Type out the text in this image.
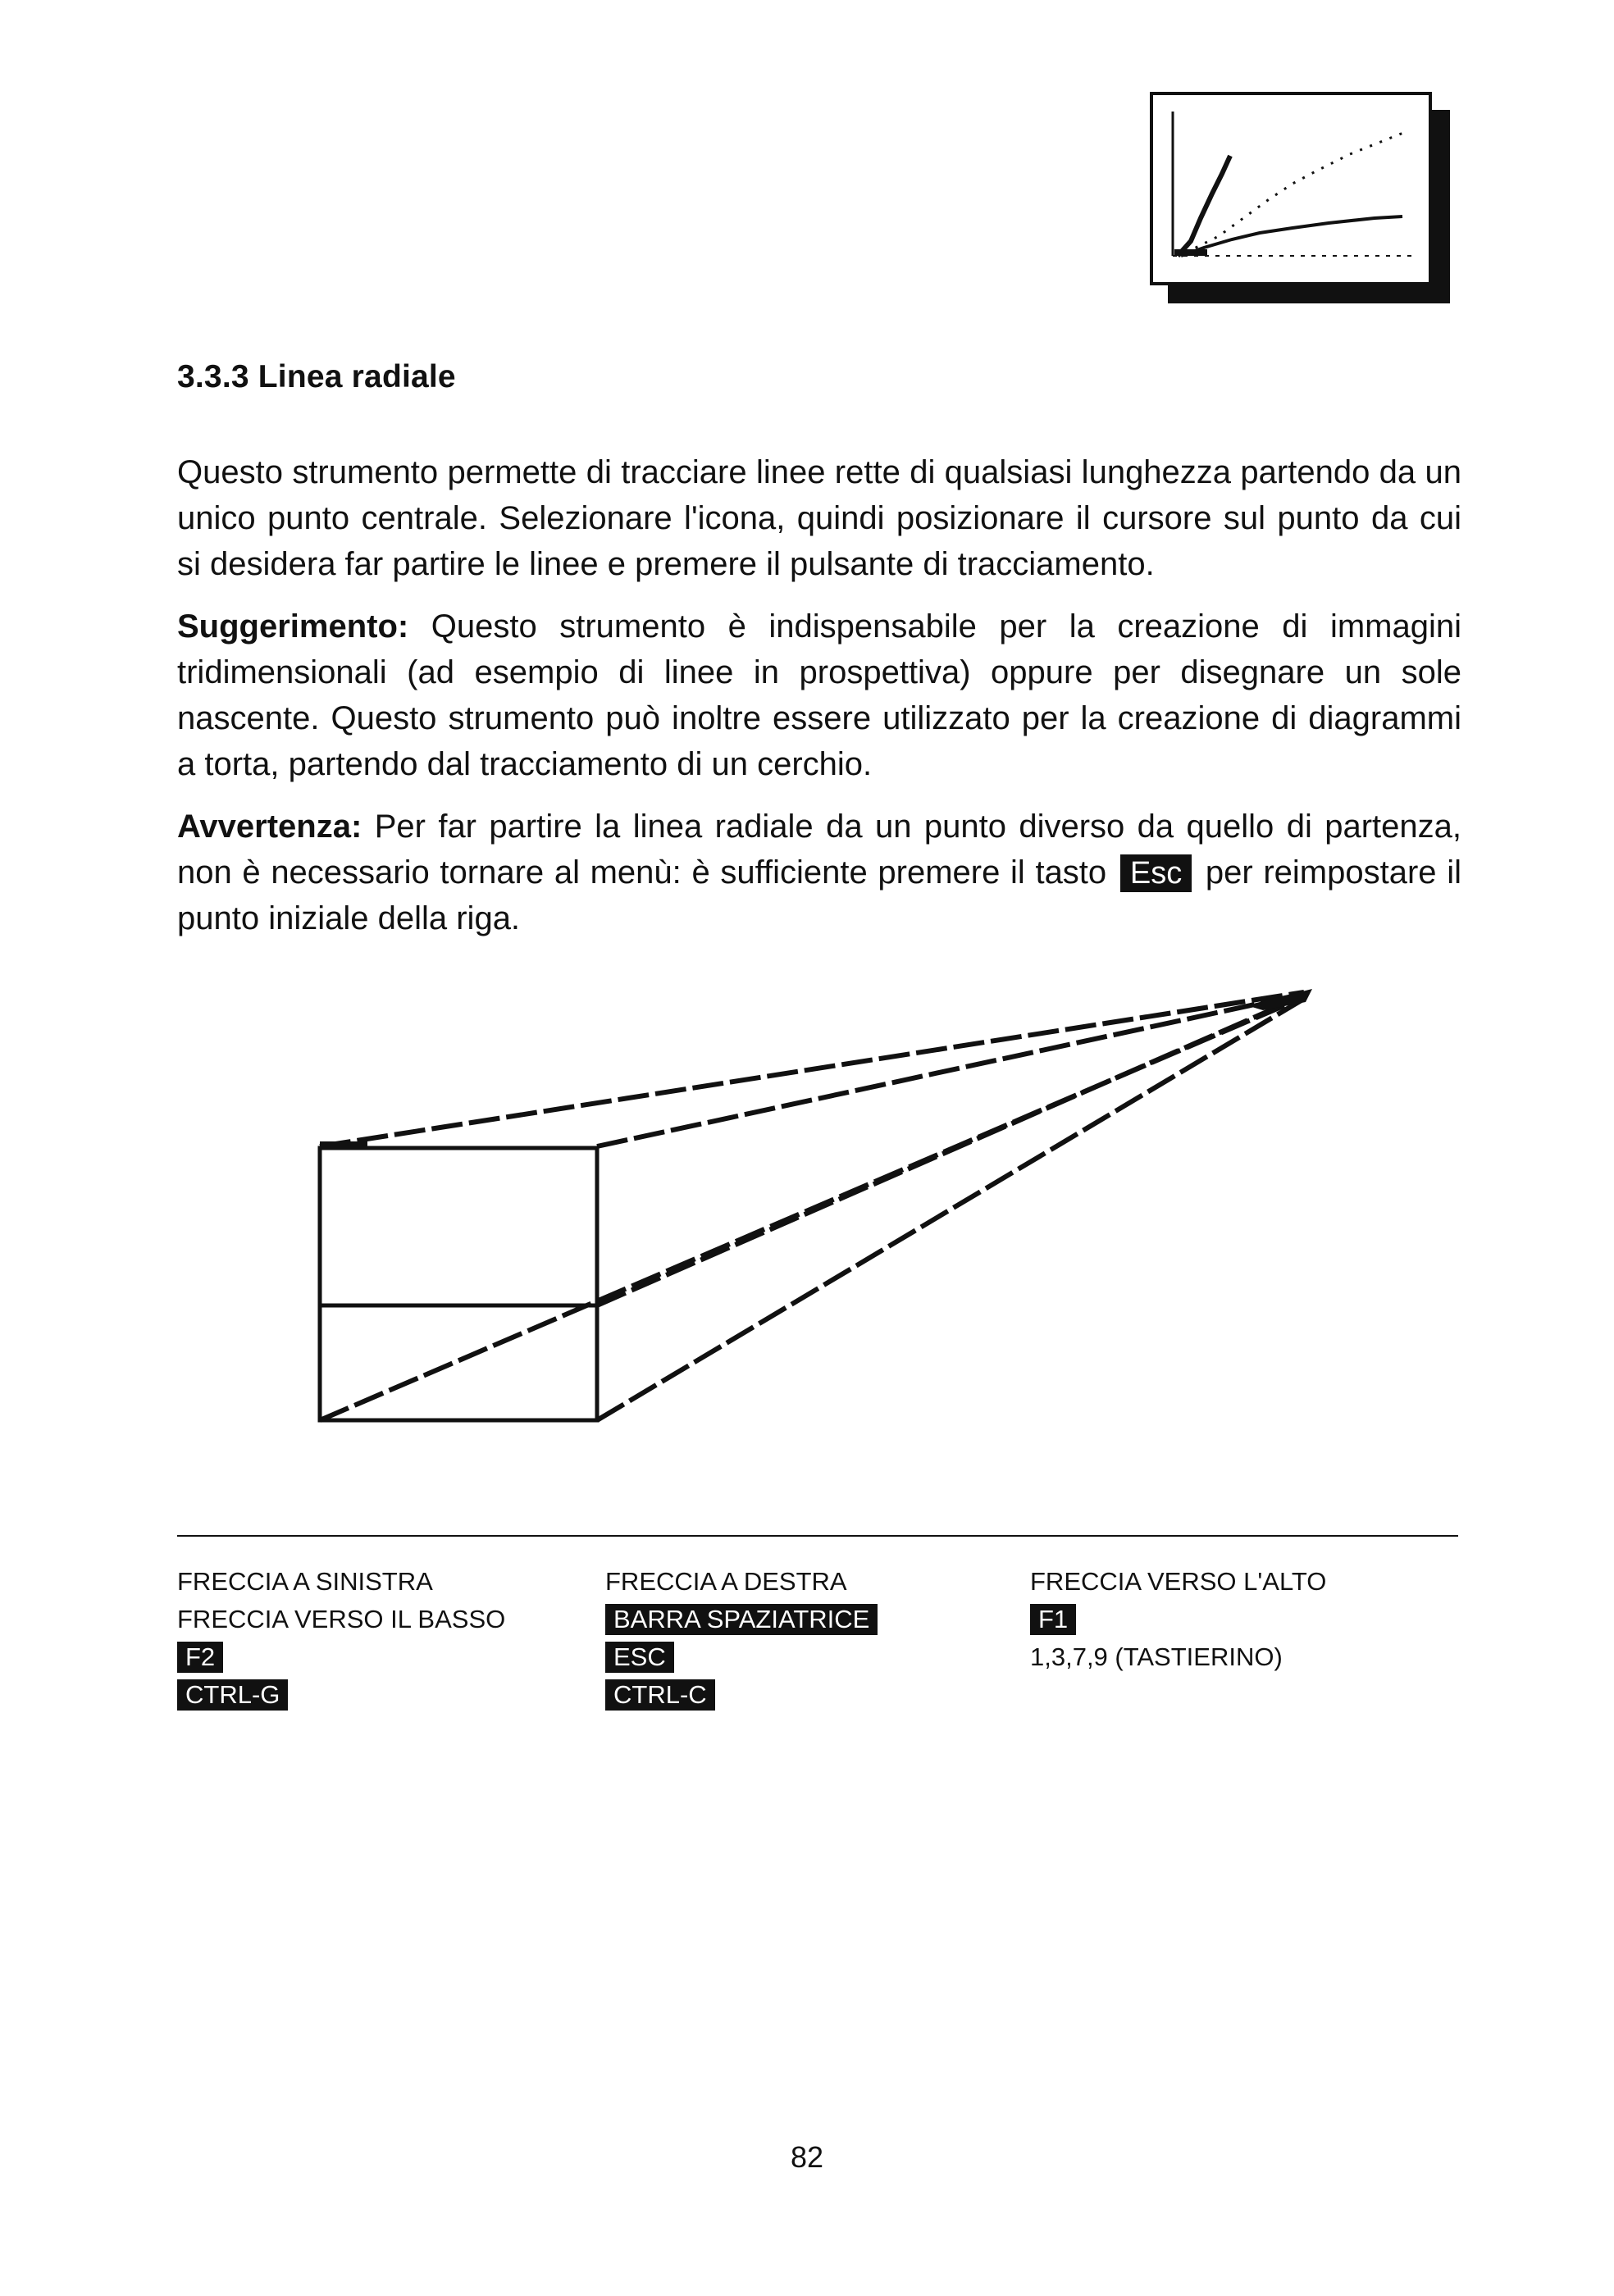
3.3.3 Linea radiale

Questo strumento permette di tracciare linee rette di qualsiasi lunghezza partendo da un unico punto centrale. Selezionare l'icona, quindi posizionare il cursore sul punto da cui si desidera far partire le linee e premere il pulsante di tracciamento.

Suggerimento: Questo strumento è indispensabile per la creazione di immagini tridimensionali (ad esempio di linee in prospettiva) oppure per disegnare un sole nascente. Questo strumento può inoltre essere utilizzato per la creazione di diagrammi a torta, partendo dal tracciamento di un cerchio.

Avvertenza: Per far partire la linea radiale da un punto diverso da quello di partenza, non è necessario tornare al menù: è sufficiente premere il tasto Esc per reimpostare il punto iniziale della riga.

FRECCIA A SINISTRA
FRECCIA VERSO IL BASSO
F2
CTRL-G
FRECCIA A DESTRA
BARRA SPAZIATRICE
ESC
CTRL-C
FRECCIA VERSO L'ALTO
F1
1,3,7,9 (TASTIERINO)
82
